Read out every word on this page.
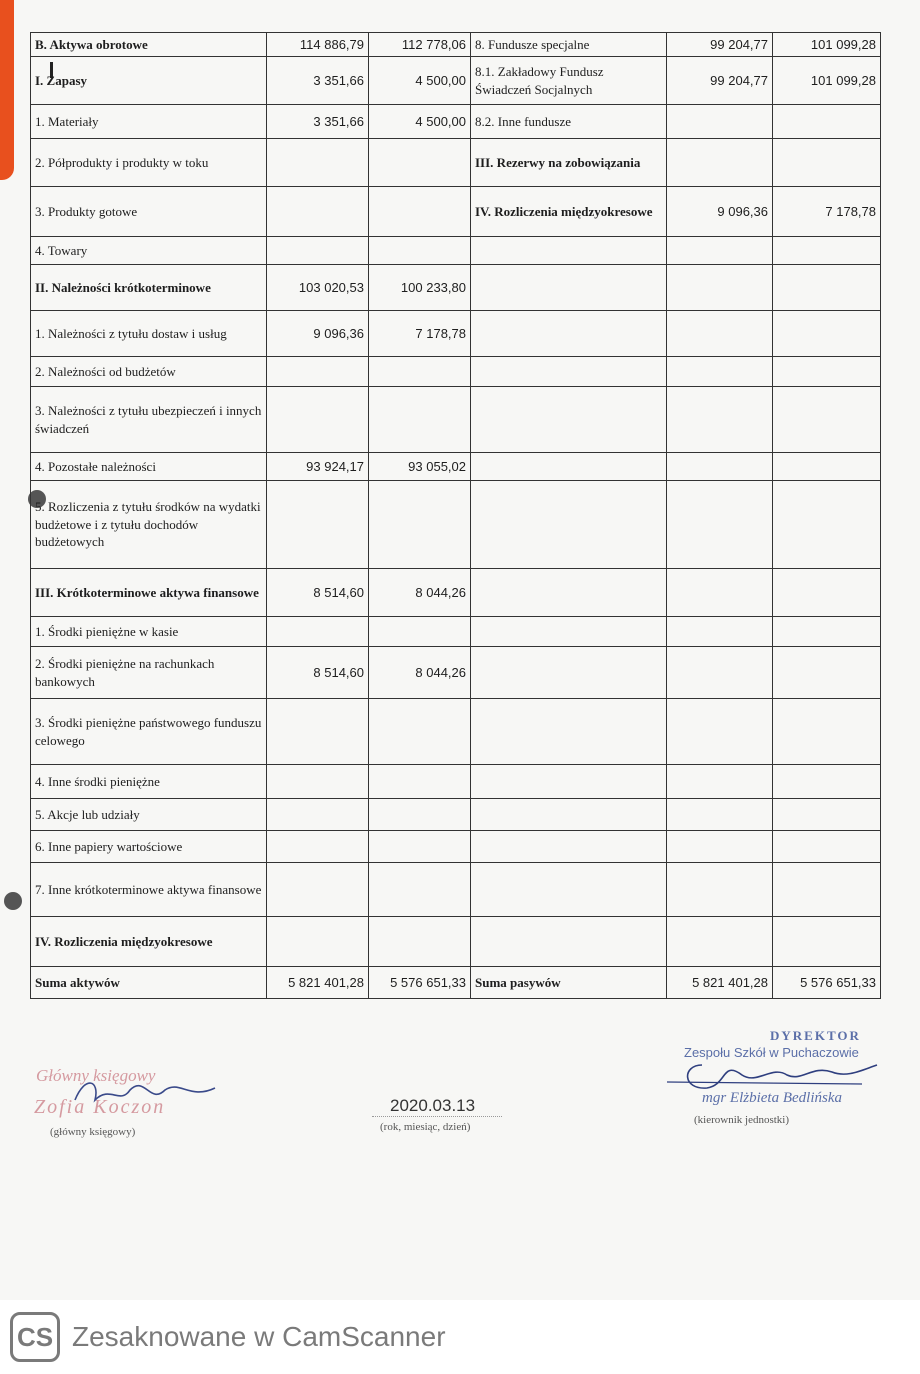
B. Aktywa obrotowe	114 886,79	112 778,06	8. Fundusze specjalne	99 204,77	101 099,28
I. Zapasy	3 351,66	4 500,00	8.1. Zakładowy Fundusz Świadczeń Socjalnych	99 204,77	101 099,28
1. Materiały	3 351,66	4 500,00	8.2. Inne fundusze		
2. Półprodukty i produkty w toku			III. Rezerwy na zobowiązania		
3. Produkty gotowe			IV. Rozliczenia międzyokresowe	9 096,36	7 178,78
4. Towary					
II. Należności krótkoterminowe	103 020,53	100 233,80			
1. Należności z tytułu dostaw i usług	9 096,36	7 178,78			
2. Należności od budżetów					
3. Należności z tytułu ubezpieczeń i innych świadczeń					
4. Pozostałe należności	93 924,17	93 055,02			
5. Rozliczenia z tytułu środków na wydatki budżetowe i z tytułu dochodów budżetowych					
III. Krótkoterminowe aktywa finansowe	8 514,60	8 044,26			
1. Środki pieniężne w kasie					
2. Środki pieniężne na rachunkach bankowych	8 514,60	8 044,26			
3. Środki pieniężne państwowego funduszu celowego					
4. Inne środki pieniężne					
5. Akcje lub udziały					
6. Inne papiery wartościowe					
7. Inne krótkoterminowe aktywa finansowe					
IV. Rozliczenia międzyokresowe					
Suma aktywów	5 821 401,28	5 576 651,33	Suma pasywów	5 821 401,28	5 576 651,33
Główny księgowy
Zofia Koczon
(główny księgowy)
2020.03.13
(rok, miesiąc, dzień)
DYREKTOR
Zespołu Szkół w Puchaczowie
mgr Elżbieta Bedlińska
(kierownik jednostki)
CS Zesaknowane w CamScanner
